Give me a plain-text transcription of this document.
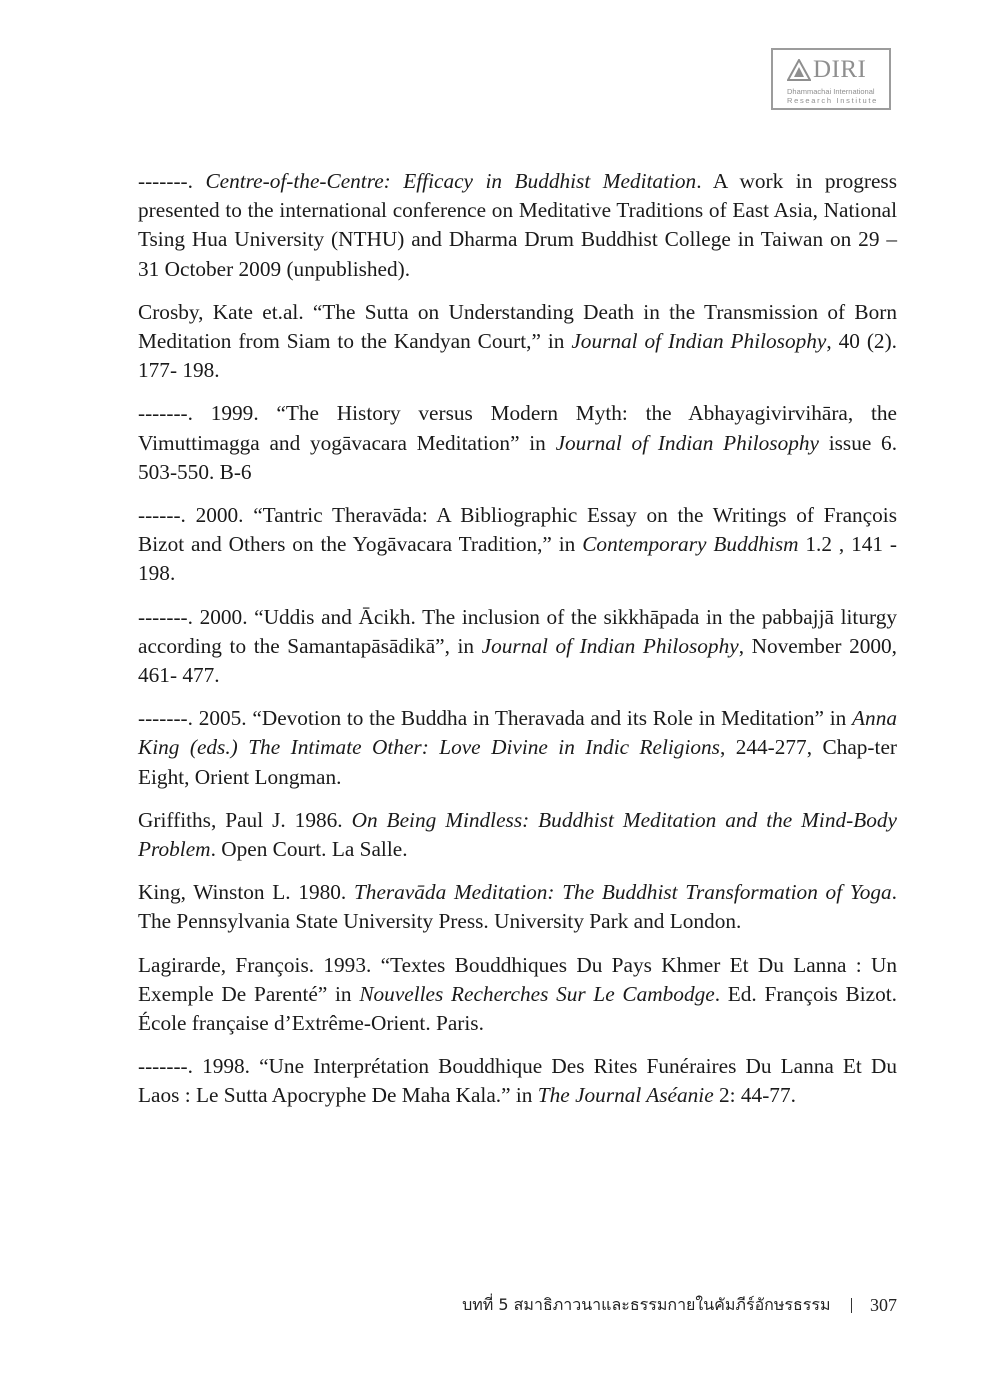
DIRI
Dhammachai International
Research Institute

-------. Centre-of-the-Centre: Efficacy in Buddhist Meditation. A work in progress presented to the international conference on Meditative Traditions of East Asia, National Tsing Hua University (NTHU) and Dharma Drum Buddhist College in Taiwan on 29 – 31 October 2009 (unpublished).

Crosby, Kate et.al. “The Sutta on Understanding Death in the Transmission of Born Meditation from Siam to the Kandyan Court,” in Journal of Indian Philosophy, 40 (2). 177- 198.

-------. 1999. “The History versus Modern Myth: the Abhayagivirvihāra, the Vimuttimagga and yogāvacara Meditation” in Journal of Indian Philosophy issue 6. 503-550. B-6

------. 2000. “Tantric Theravāda: A Bibliographic Essay on the Writings of François Bizot and Others on the Yogāvacara Tradition,” in Contemporary Buddhism 1.2 , 141 - 198.

-------. 2000. “Uddis and Ācikh. The inclusion of the sikkhāpada in the pabbajjā liturgy according to the Samantapāsādikā”, in Journal of Indian Philosophy, November 2000, 461- 477.

-------. 2005. “Devotion to the Buddha in Theravada and its Role in Meditation” in Anna King (eds.) The Intimate Other: Love Divine in Indic Religions, 244-277, Chap-ter Eight, Orient Longman.

Griffiths, Paul J. 1986. On Being Mindless: Buddhist Meditation and the Mind-Body Problem. Open Court. La Salle.

King, Winston L. 1980. Theravāda Meditation: The Buddhist Transformation of Yoga. The Pennsylvania State University Press. University Park and London.

Lagirarde, François. 1993. “Textes Bouddhiques Du Pays Khmer Et Du Lanna : Un Exemple De Parenté” in Nouvelles Recherches Sur Le Cambodge. Ed. François Bizot. École française d’Extrême-Orient. Paris.

-------. 1998. “Une Interprétation Bouddhique Des Rites Funéraires Du Lanna Et Du Laos : Le Sutta Apocryphe De Maha Kala.” in The Journal Aséanie 2: 44-77.

บทที่ 5 สมาธิภาวนาและธรรมกายในคัมภีร์อักษรธรรม 307
